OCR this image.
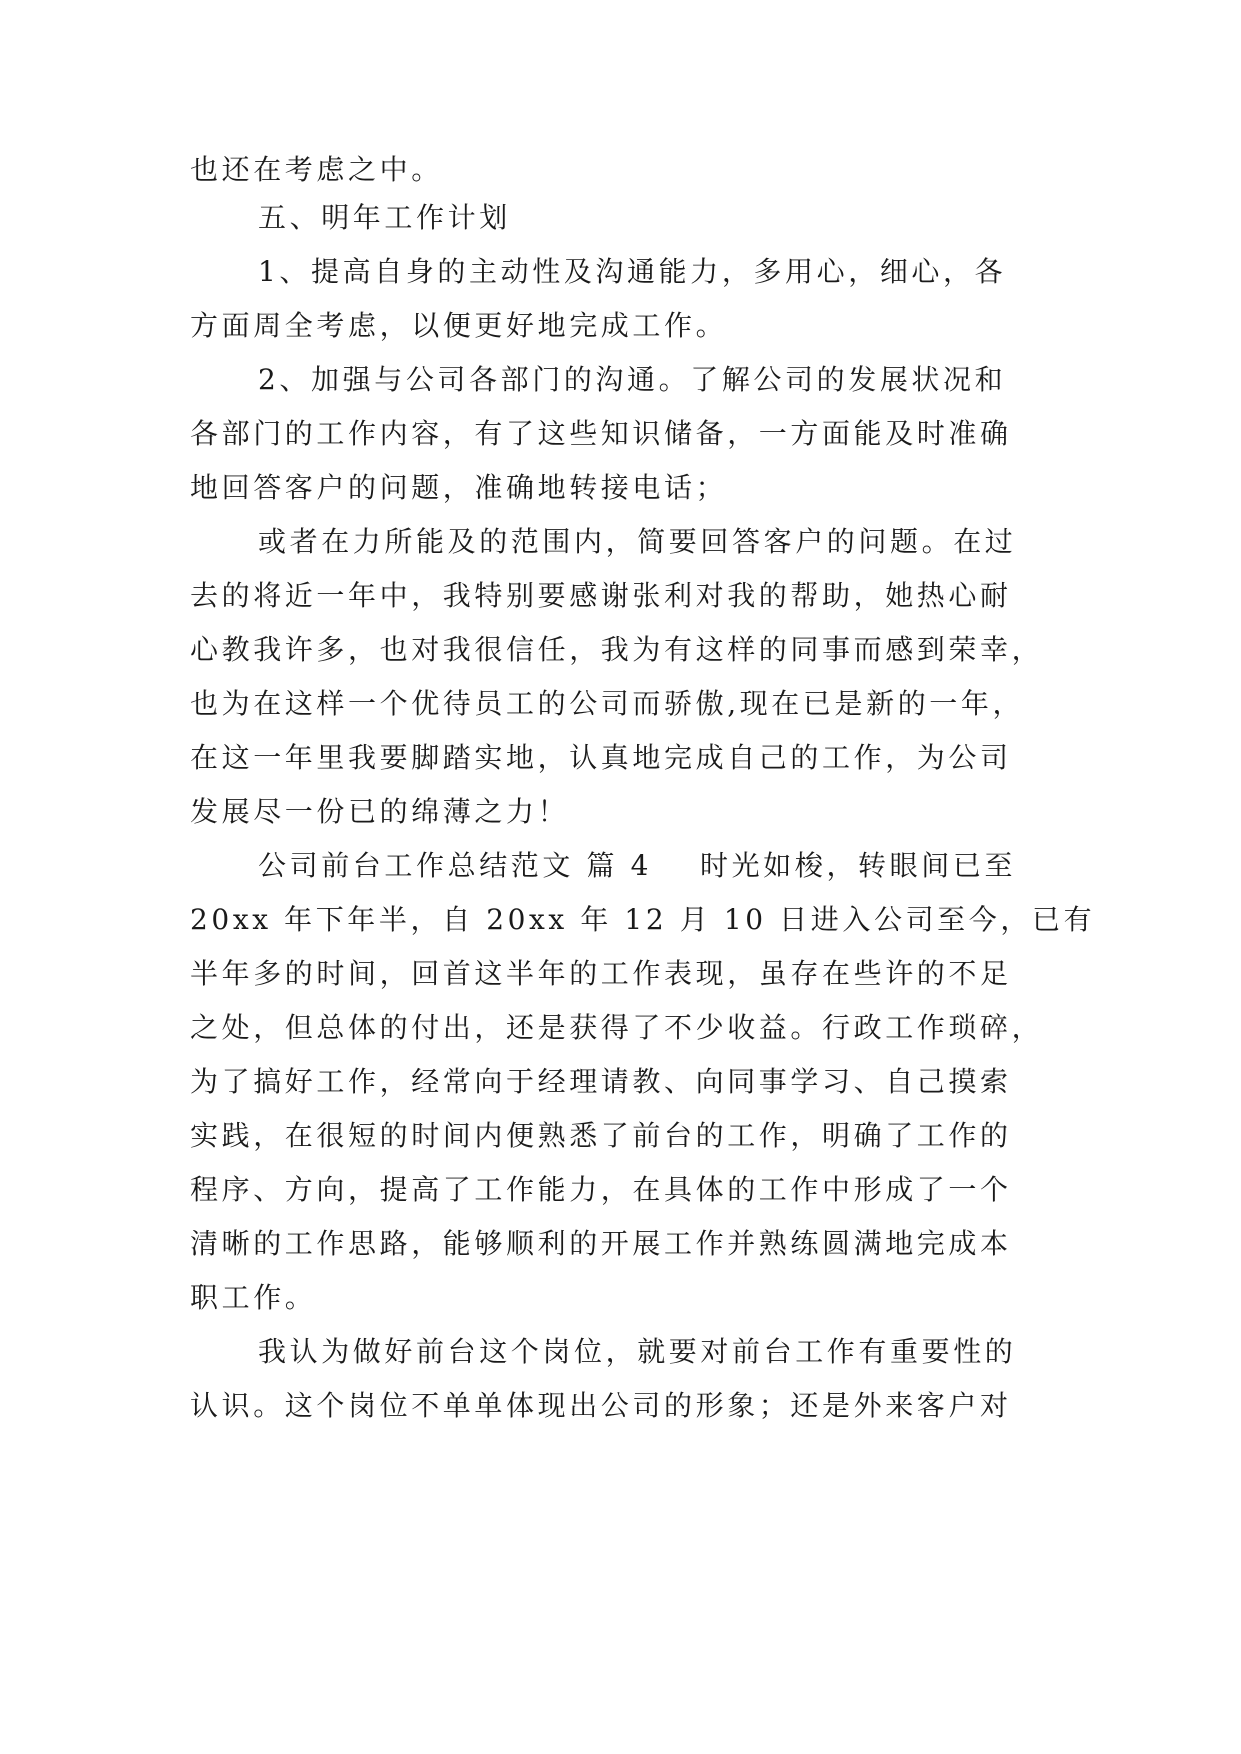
也还在考虑之中。
五、明年工作计划
1、提高自身的主动性及沟通能力，多用心，细心，各
方面周全考虑，以便更好地完成工作。
2、加强与公司各部门的沟通。了解公司的发展状况和
各部门的工作内容，有了这些知识储备，一方面能及时准确
地回答客户的问题，准确地转接电话；
或者在力所能及的范围内，简要回答客户的问题。在过
去的将近一年中，我特别要感谢张利对我的帮助，她热心耐
心教我许多，也对我很信任，我为有这样的同事而感到荣幸，
也为在这样一个优待员工的公司而骄傲,现在已是新的一年，
在这一年里我要脚踏实地，认真地完成自己的工作，为公司
发展尽一份已的绵薄之力！
公司前台工作总结范文 篇 4 时光如梭，转眼间已至
20xx 年下年半，自 20xx 年 12 月 10 日进入公司至今，已有
半年多的时间，回首这半年的工作表现，虽存在些许的不足
之处，但总体的付出，还是获得了不少收益。行政工作琐碎，
为了搞好工作，经常向于经理请教、向同事学习、自己摸索
实践，在很短的时间内便熟悉了前台的工作，明确了工作的
程序、方向，提高了工作能力，在具体的工作中形成了一个
清晰的工作思路，能够顺利的开展工作并熟练圆满地完成本
职工作。
我认为做好前台这个岗位，就要对前台工作有重要性的
认识。这个岗位不单单体现出公司的形象；还是外来客户对
